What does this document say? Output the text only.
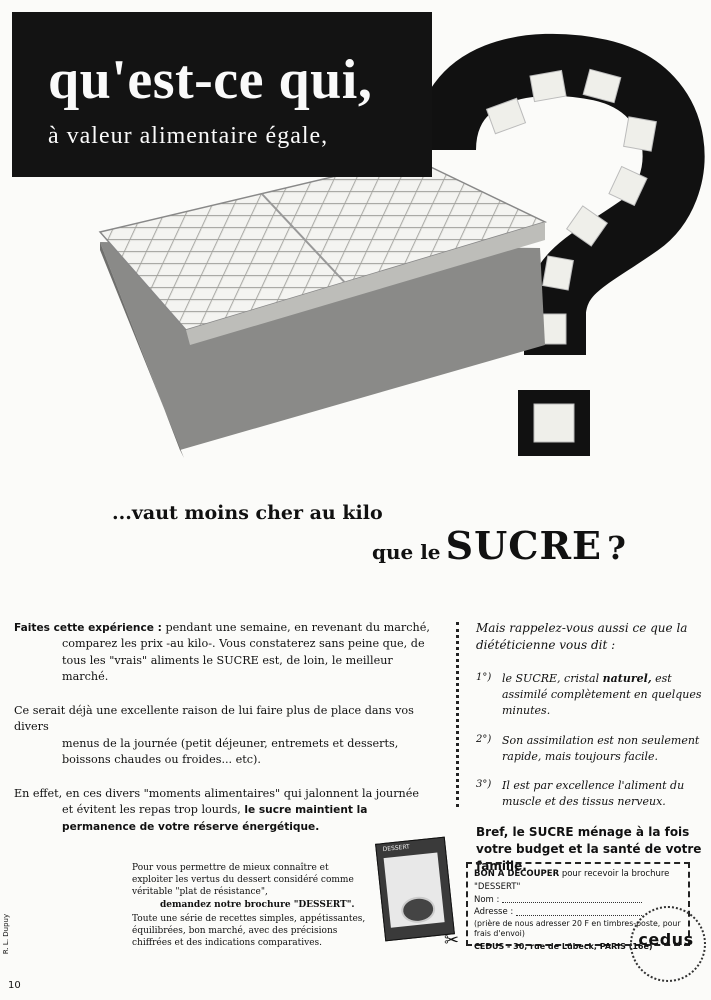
qu'est-ce qui,
à valeur alimentaire égale,
...vaut moins cher au kilo
que le SUCRE ?

Faites cette expérience : pendant une semaine, en revenant du marché,
comparez les prix -au kilo-. Vous constaterez sans peine que, de tous les "vrais" aliments le SUCRE est, de loin, le meilleur marché.

Ce serait déjà une excellente raison de lui faire plus de place dans vos divers
menus de la journée (petit déjeuner, entremets et desserts, boissons chaudes ou froides... etc).

En effet, en ces divers "moments alimentaires" qui jalonnent la journée
et évitent les repas trop lourds, le sucre maintient la permanence de votre réserve énergétique.

Mais rappelez-vous aussi ce que la diététicienne vous dit :
1°) le SUCRE, cristal naturel, est assimilé complètement en quelques minutes.
2°) Son assimilation est non seulement rapide, mais toujours facile.
3°) Il est par excellence l'aliment du muscle et des tissus nerveux.
Bref, le SUCRE ménage à la fois votre budget et la santé de votre famille.
Pour vous permettre de mieux connaître et exploiter les vertus du dessert considéré comme véritable "plat de résistance",
demandez notre brochure "DESSERT".
Toute une série de recettes simples, appétissantes, équilibrées, bon marché, avec des précisions chiffrées et des indications comparatives.
DESSERT
BON A DÉCOUPER pour recevoir la brochure "DESSERT"
Nom :
Adresse :
(prière de nous adresser 20 F en timbres-poste, pour frais d'envoi)
CEDUS - 30, rue de Lübeck, PARIS (16e)
✂	cedus
R. L. Dupuy
10
